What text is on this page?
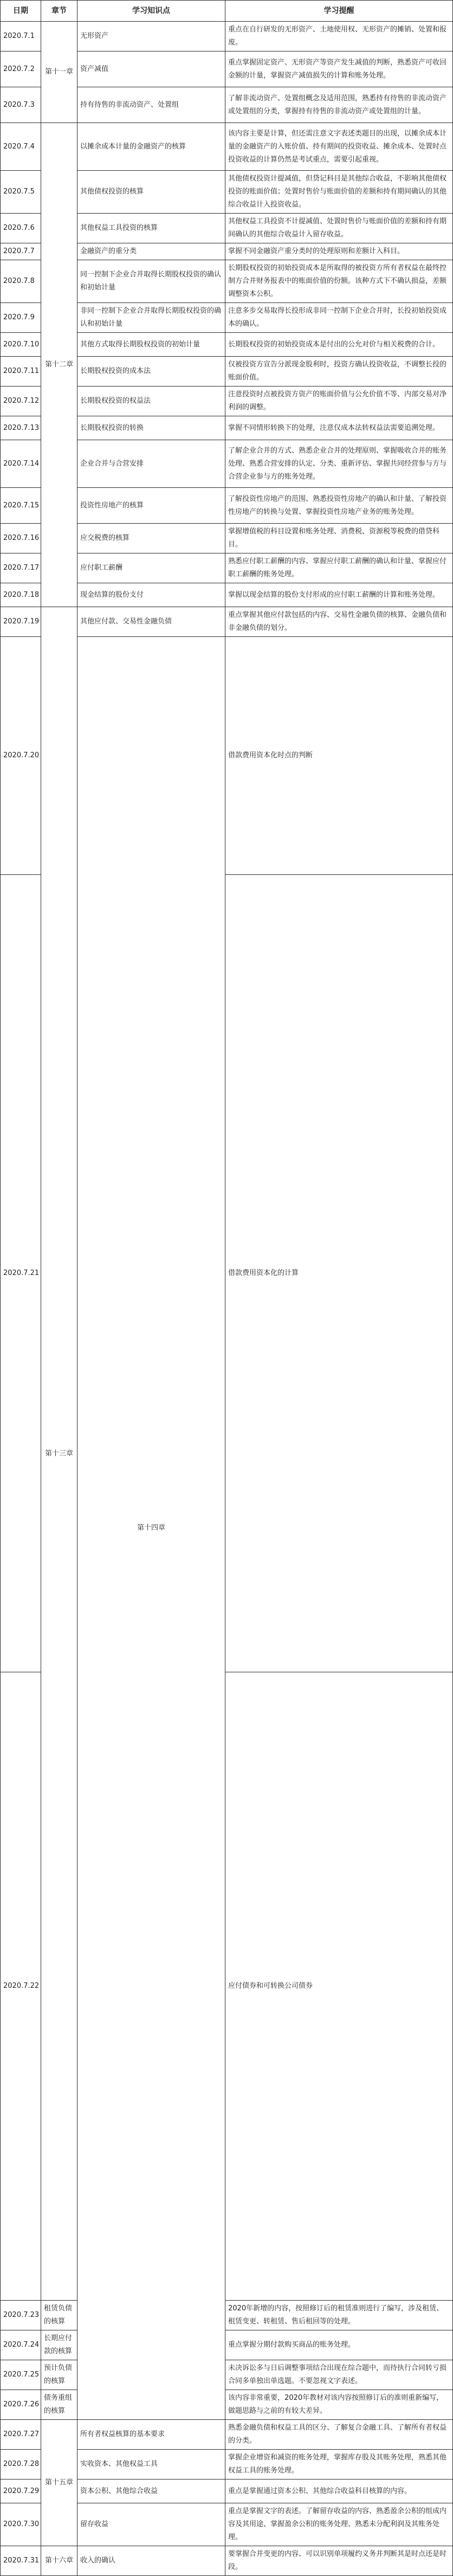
日期	章节	学习知识点	学习提醒	
2020.7.1	第十一章	无形资产	重点在自行研发的无形资产、土地使用权、无形资产的摊销、处置和报废。	
2020.7.2		资产减值	重点掌握固定资产、无形资产等资产发生减值的判断，熟悉资产可收回金额的计量，掌握资产减值损失的计算和账务处理。	
2020.7.3		持有待售的非流动资产、处置组	了解非流动资产、处置组概念及适用范围，熟悉持有待售的非流动资产或处置组的分类，掌握持有待售的非流动资产或处置组的计量。	
2020.7.4	第十二章	以摊余成本计量的金融资产的核算	该内容主要是计算，但还需注意文字表述类题目的出现，以摊余成本计量的金融资产的入账价值、持有期间的投资收益、摊余成本、处置时点投资收益的计算仍然是考试重点，需要引起重视。	
2020.7.5		其他债权投资的核算	其他债权投资计提减值，但贷记科目是其他综合收益，不影响其他债权投资的账面价值；处置时售价与账面价值的差额和持有期间确认的其他综合收益计入投资收益。	
2020.7.6		其他权益工具投资的核算	其他权益工具投资不计提减值、处置时售价与账面价值的差额和持有期间确认的其他综合收益计入留存收益。	
2020.7.7		金融资产的重分类	掌握不同金融资产重分类时的处理原则和差额计入科目。	
2020.7.8		同一控制下企业合并取得长期股权投资的确认和初始计量	长期股权投资的初始投资成本是所取得的被投资方所有者权益在最终控制方合并财务报表中的账面价值的份额。该种方式下不确认损益，差额调整资本公积。	
2020.7.9		非同一控制下企业合并取得长期股权投资的确认和初始计量	注意多步交易取得长投形成非同一控制下企业合并时，长投初始投资成本的确认。	
2020.7.10		其他方式取得长期股权投资的初始计量	长期股权投资的初始投资成本是付出的公允对价与相关税费的合计。	
2020.7.11		长期股权投资的成本法	仅被投资方宣告分派现金股利时，投资方确认投资收益，不调整长投的账面价值。	
2020.7.12		长期股权投资的权益法	注意投资时点被投资方资产的账面价值与公允价值不等、内部交易对净利润的调整。	
2020.7.13		长期股权投资的转换	掌握不同情形转换下的处理，注意仅成本法转权益法需要追溯处理。	
2020.7.14		企业合并与合营安排	了解企业合并的方式、熟悉企业合并的处理原则、掌握吸收合并的账务处理、熟悉合营安排的认定、分类、重新评估、掌握共同经营参与方与合营企业参与方的账务处理。	
2020.7.15		投资性房地产的核算	了解投资性房地产的范围、熟悉投资性房地产的确认和计量、了解投资性房地产的转换与处置、掌握投资性房地产业务的账务处理。	
2020.7.16		应交税费的核算	掌握增值税的科目设置和账务处理、消费税、资源税等税费的借贷科目。	
2020.7.17		应付职工薪酬	熟悉应付职工薪酬的内容、掌握应付职工薪酬的确认和计量、掌握应付职工薪酬的账务处理。	
2020.7.18		现金结算的股份支付	掌握以现金结算的股份支付形成的应付职工薪酬的计算和账务处理。	
2020.7.19	第十三章	其他应付款、交易性金融负债	重点掌握其他应付款包括的内容、交易性金融负债的核算、金融负债和非金融负债的划分。	
2020.7.20		第十四章	借款费用资本化时点的判断	
2020.7.21			借款费用资本化的计算	
2020.7.22			应付债券和可转换公司债券	
2020.7.23	租赁负债的核算		2020年新增的内容，按照修订后的租赁准则进行了编写，涉及租赁、租赁变更、转租赁、售后租回等的处理。	
2020.7.24	长期应付款的核算		重点掌握分期付款购买商品的账务处理。	
2020.7.25	预计负债的核算		未决诉讼多与日后调整事项结合出现在综合题中，而待执行合同转亏损合同多单独出单选题。不要忽视文字表述。	
2020.7.26	债务重组的核算		该内容非常重要，2020年教材对该内容按照修订后的准则重新编写，做题思路与之前的有较大差异。	
2020.7.27	第十五章	所有者权益核算的基本要求	熟悉金融负债和权益工具的区分、了解复合金融工具、了解所有者权益的分类。	
2020.7.28		实收资本、其他权益工具	掌握企业增资和减资的账务处理，掌握库存股及其账务处理，熟悉其他权益工具的账务处理。	
2020.7.29		资本公积、其他综合收益	重点是掌握通过资本公积、其他综合收益科目核算的内容。	
2020.7.30		留存收益	重点是掌握文字的表述。了解留存收益的内容、熟悉盈余公积的组成内容及其用途、掌握盈余公积的账务处理、熟悉未分配利润及其账务处理。	
2020.7.31	第十六章	收入的确认	要掌握合并变更的内容、可以识别单项履约义务并判断其是时点还是时段。	
